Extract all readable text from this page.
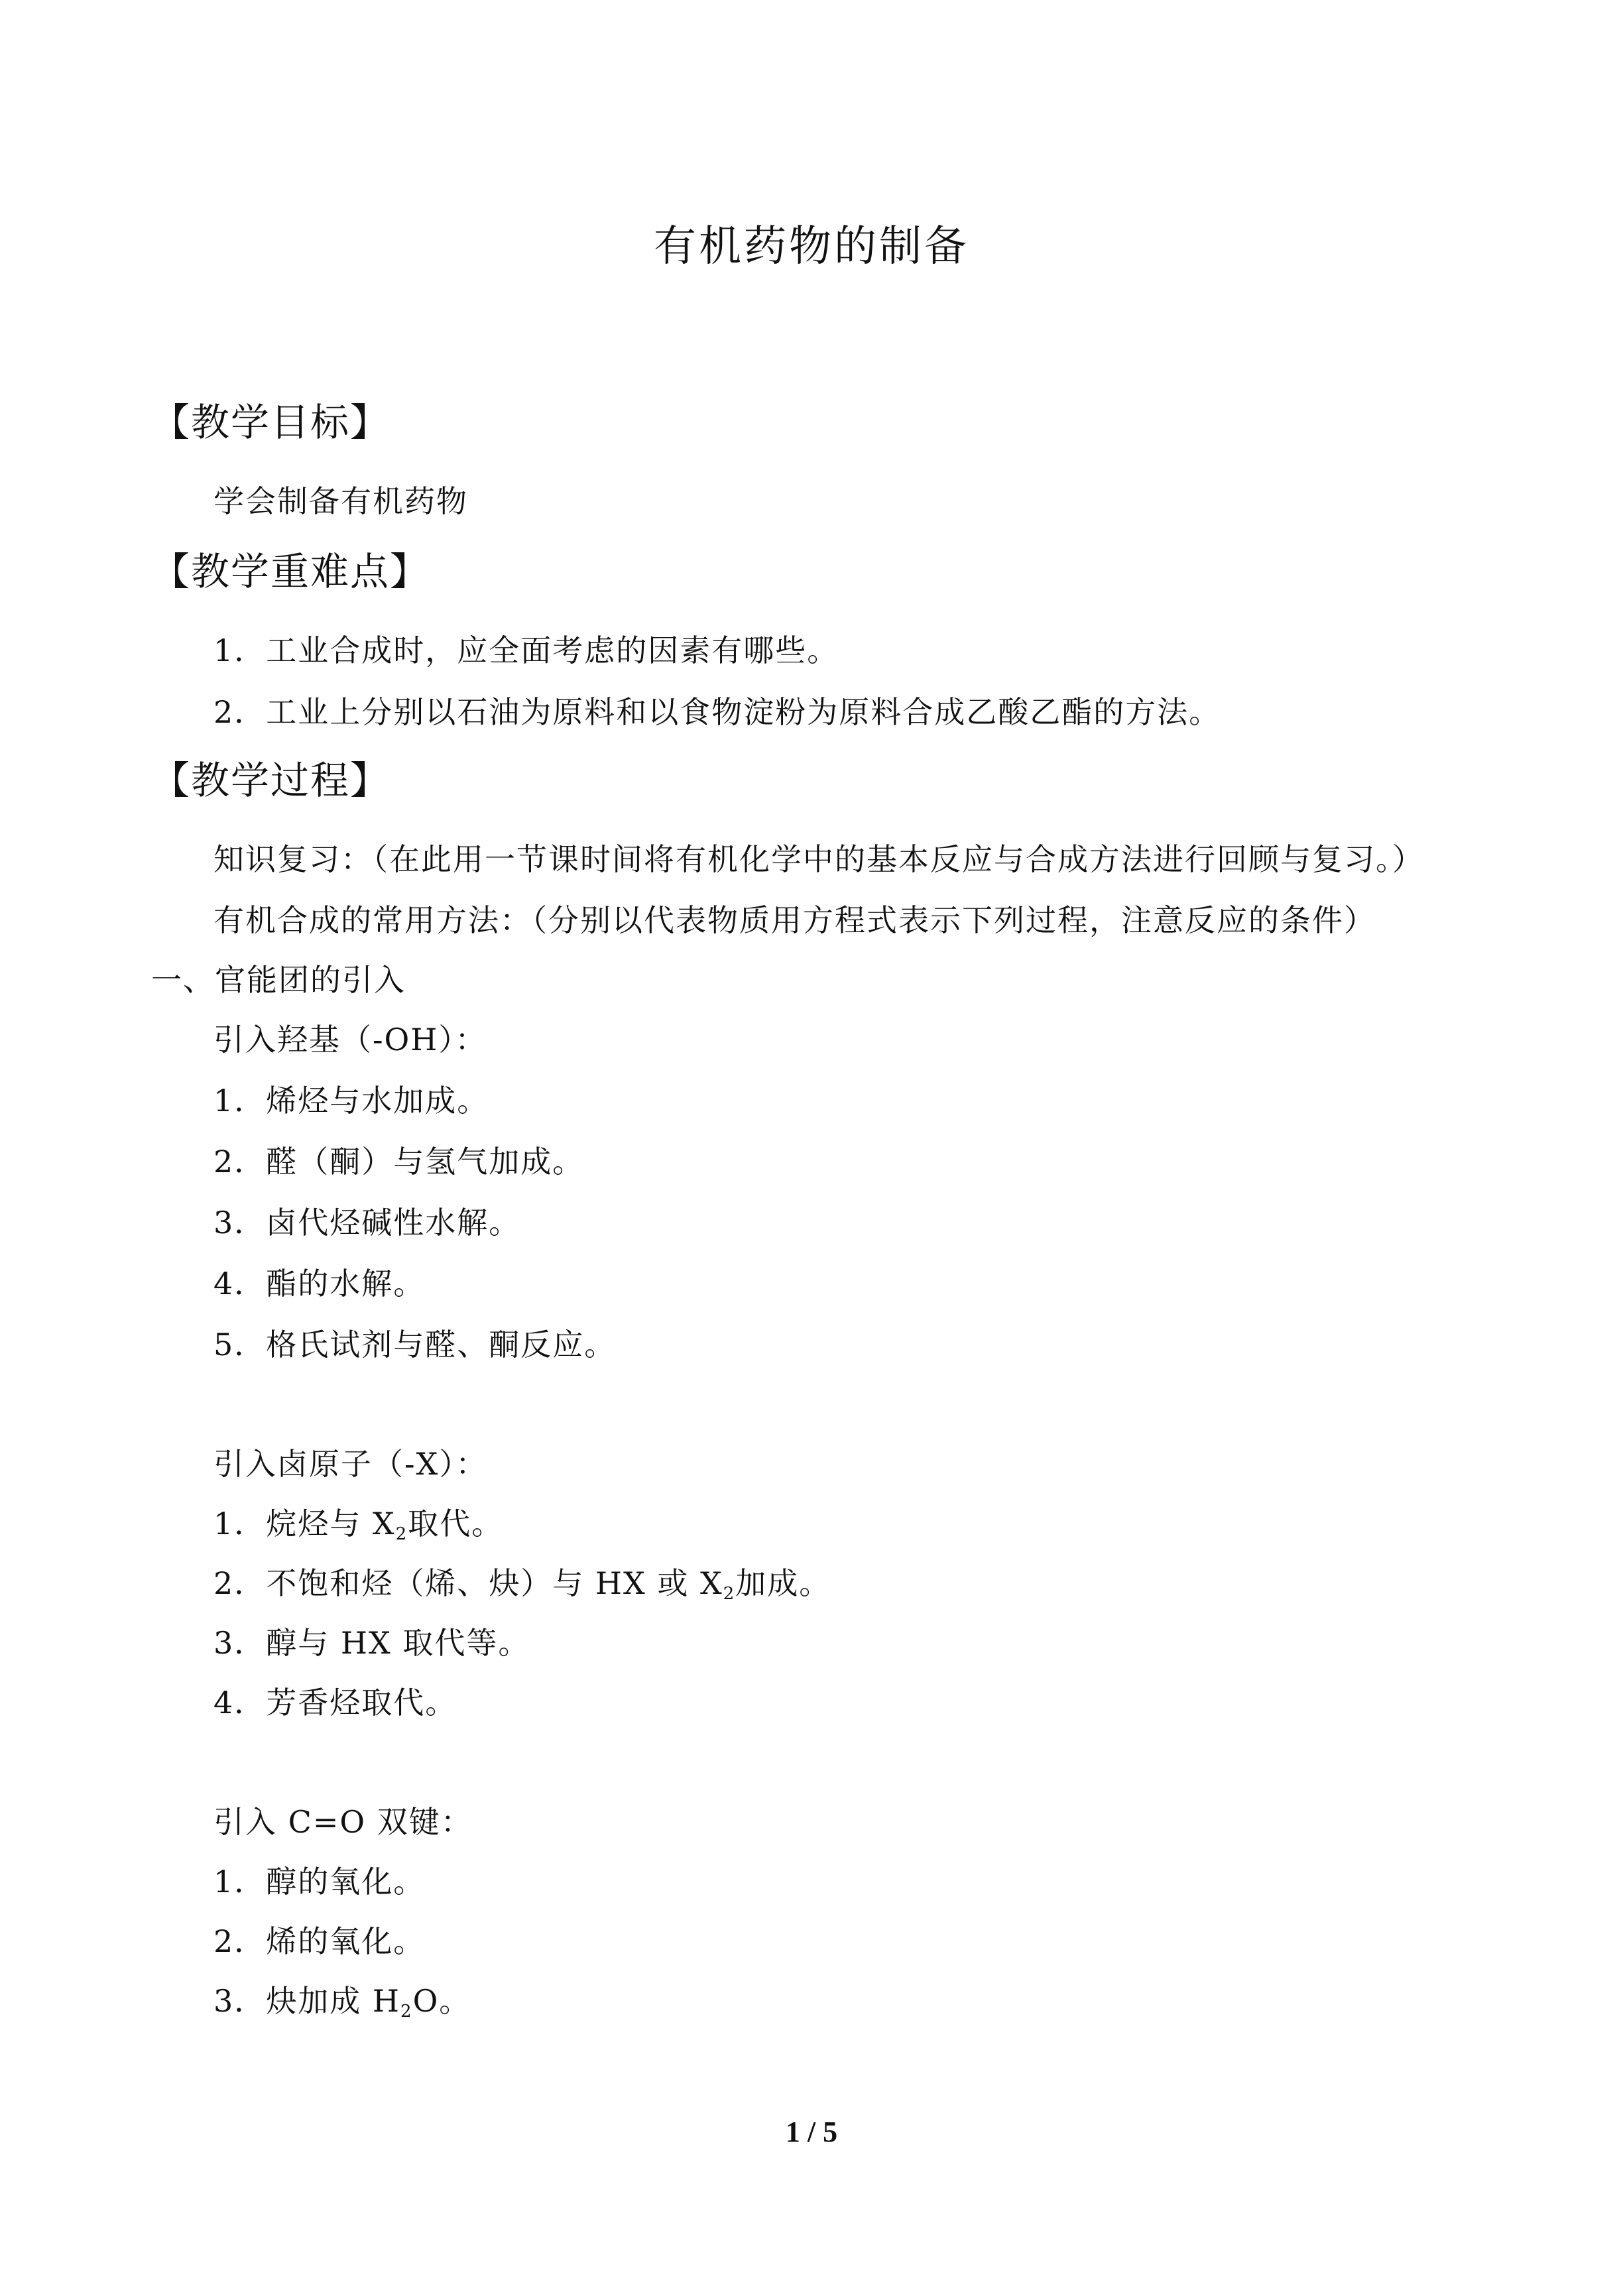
有机药物的制备
【教学目标】
学会制备有机药物
【教学重难点】
1．工业合成时，应全面考虑的因素有哪些。
2．工业上分别以石油为原料和以食物淀粉为原料合成乙酸乙酯的方法。
【教学过程】
知识复习：（在此用一节课时间将有机化学中的基本反应与合成方法进行回顾与复习。）
有机合成的常用方法：（分别以代表物质用方程式表示下列过程，注意反应的条件）
一、官能团的引入
引入羟基（-OH）：
1．烯烃与水加成。
2．醛（酮）与氢气加成。
3．卤代烃碱性水解。
4．酯的水解。
5．格氏试剂与醛、酮反应。
引入卤原子（-X）：
1．烷烃与 $X_2$取代。
2．不饱和烃（烯、炔）与 HX 或 $X_2$加成。
3．醇与 HX 取代等。
4．芳香烃取代。
引入 C=O 双键：
1．醇的氧化。
2．烯的氧化。
3．炔加成 $H_2O$。
1 / 5
